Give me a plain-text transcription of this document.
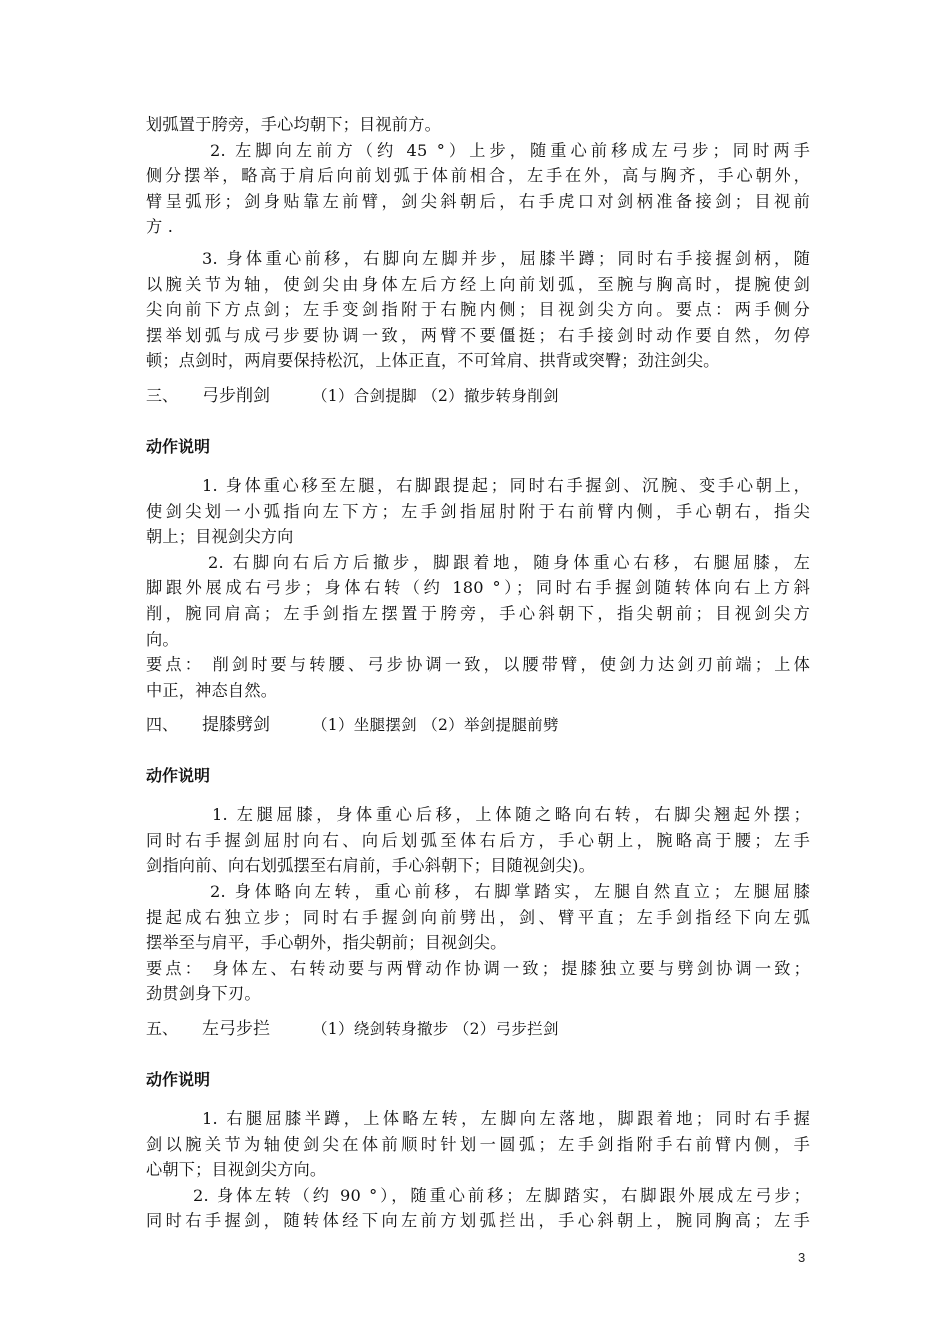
划弧置于胯旁，手心均朝下；目视前方。

2. 左脚向左前方（约 45 °）上步，随重心前移成左弓步；同时两手

侧分摆举，略高于肩后向前划弧于体前相合，左手在外，高与胸齐，手心朝外，

臂呈弧形；剑身贴靠左前臂，剑尖斜朝后，右手虎口对剑柄准备接剑；目视前

方 .

3. 身体重心前移，右脚向左脚并步，屈膝半蹲；同时右手接握剑柄，随

以腕关节为轴，使剑尖由身体左后方经上向前划弧，至腕与胸高时，提腕使剑

尖向前下方点剑；左手变剑指附于右腕内侧；目视剑尖方向。要点：两手侧分

摆举划弧与成弓步要协调一致，两臂不要僵挺；右手接剑时动作要自然，勿停

顿；点剑时，两肩要保持松沉，上体正直，不可耸肩、拱背或突臀；劲注剑尖。

三、	弓步削剑	（1）合剑提脚 （2）撤步转身削剑
动作说明

1. 身体重心移至左腿，右脚跟提起；同时右手握剑、沉腕、变手心朝上，

使剑尖划一小弧指向左下方；左手剑指屈肘附于右前臂内侧，手心朝右，指尖

朝上；目视剑尖方向

2. 右脚向右后方后撤步，脚跟着地，随身体重心右移，右腿屈膝，左

脚跟外展成右弓步；身体右转（约 180 °）；同时右手握剑随转体向右上方斜

削，腕同肩高；左手剑指左摆置于胯旁，手心斜朝下，指尖朝前；目视剑尖方

向。

要点： 削剑时要与转腰、弓步协调一致，以腰带臂，使剑力达剑刃前端；上体

中正，神态自然。

四、	提膝劈剑	（1）坐腿摆剑 （2）举剑提腿前劈
动作说明

1. 左腿屈膝，身体重心后移，上体随之略向右转，右脚尖翘起外摆；

同时右手握剑屈肘向右、向后划弧至体右后方，手心朝上，腕略高于腰；左手

剑指向前、向右划弧摆至右肩前，手心斜朝下；目随视剑尖)。

2. 身体略向左转，重心前移，右脚掌踏实，左腿自然直立；左腿屈膝

提起成右独立步；同时右手握剑向前劈出，剑、臂平直；左手剑指经下向左弧

摆举至与肩平，手心朝外，指尖朝前；目视剑尖。

要点： 身体左、右转动要与两臂动作协调一致；提膝独立要与劈剑协调一致；

劲贯剑身下刃。

五、	左弓步拦	（1）绕剑转身撤步 （2）弓步拦剑
动作说明

1. 右腿屈膝半蹲，上体略左转，左脚向左落地，脚跟着地；同时右手握

剑以腕关节为轴使剑尖在体前顺时针划一圆弧；左手剑指附手右前臂内侧，手

心朝下；目视剑尖方向。

2. 身体左转（约 90 °），随重心前移；左脚踏实，右脚跟外展成左弓步；

同时右手握剑，随转体经下向左前方划弧拦出，手心斜朝上，腕同胸高；左手

3
